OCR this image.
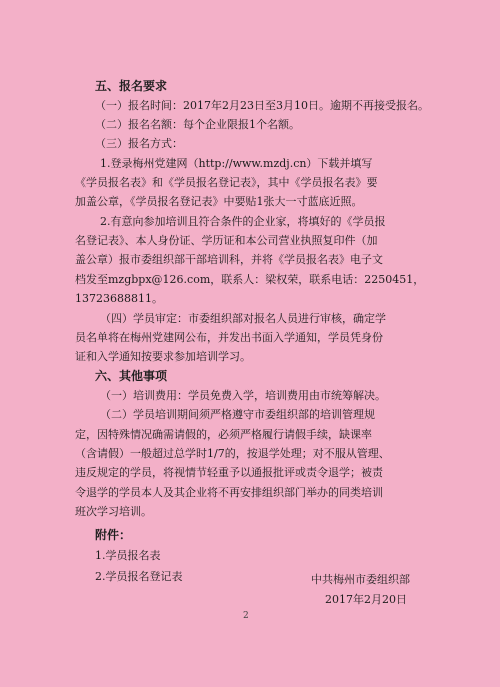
五、报名要求
（一）报名时间：2017年2月23日至3月10日。逾期不再接受报名。
（二）报名名额：每个企业限报1个名额。
（三）报名方式：
1.登录梅州党建网（http://www.mzdj.cn）下载并填写
《学员报名表》和《学员报名登记表》，其中《学员报名表》要
加盖公章，《学员报名登记表》中要贴1张大一寸蓝底近照。
2.有意向参加培训且符合条件的企业家，将填好的《学员报
名登记表》、本人身份证、学历证和本公司营业执照复印件（加
盖公章）报市委组织部干部培训科，并将《学员报名表》电子文
档发至mzgbpx@126.com，联系人：梁权荣，联系电话：2250451，
13723688811。
（四）学员审定：市委组织部对报名人员进行审核，确定学
员名单将在梅州党建网公布，并发出书面入学通知，学员凭身份
证和入学通知按要求参加培训学习。
六、其他事项
（一）培训费用：学员免费入学，培训费用由市统筹解决。
（二）学员培训期间须严格遵守市委组织部的培训管理规
定，因特殊情况确需请假的，必须严格履行请假手续，缺课率
（含请假）一般超过总学时1/7的，按退学处理；对不服从管理、
违反规定的学员，将视情节轻重予以通报批评或责令退学；被责
令退学的学员本人及其企业将不再安排组织部门举办的同类培训
班次学习培训。
附件：
1.学员报名表
2.学员报名登记表	中共梅州市委组织部
2017年2月20日
2
